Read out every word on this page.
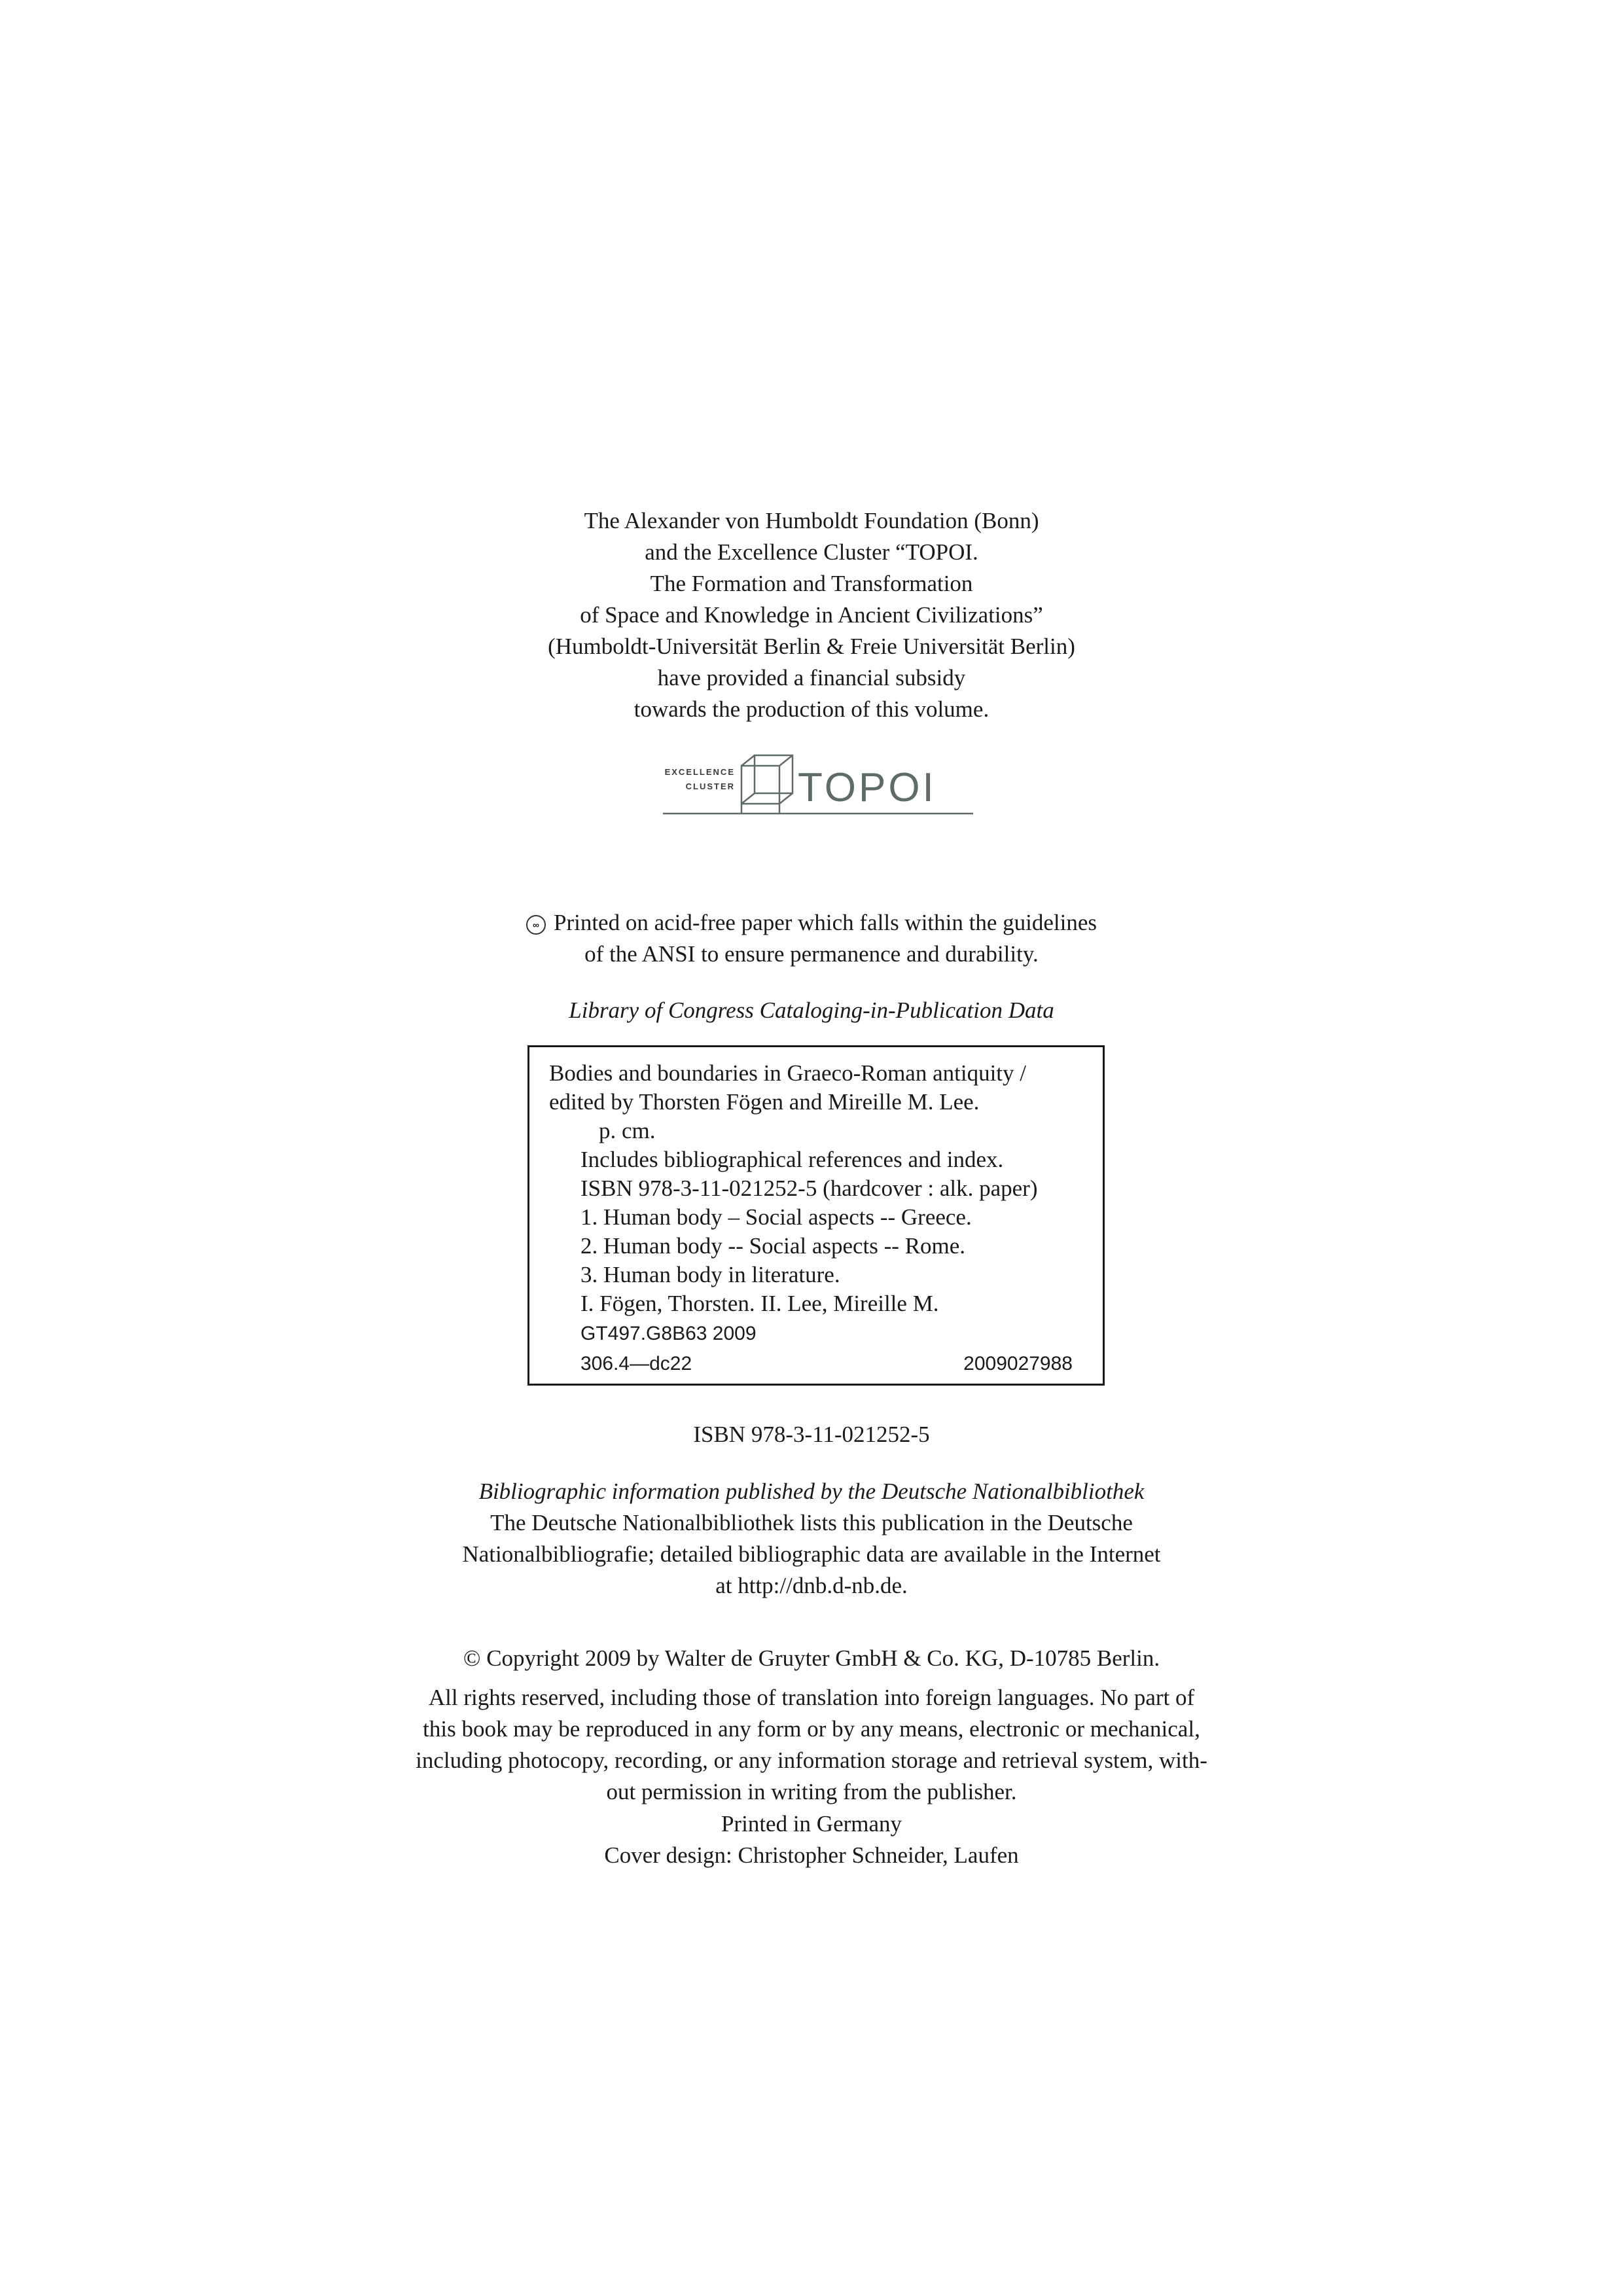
The Alexander von Humboldt Foundation (Bonn)
and the Excellence Cluster “TOPOI.
The Formation and Transformation
of Space and Knowledge in Ancient Civilizations”
(Humboldt-Universität Berlin & Freie Universität Berlin)
have provided a financial subsidy
towards the production of this volume.
EXCELLENCE
CLUSTER TOPOI
∞ Printed on acid-free paper which falls within the guidelines
of the ANSI to ensure permanence and durability.
Library of Congress Cataloging-in-Publication Data
Bodies and boundaries in Graeco-Roman antiquity /
edited by Thorsten Fögen and Mireille M. Lee.
p. cm.
Includes bibliographical references and index.
ISBN 978-3-11-021252-5 (hardcover : alk. paper)
1. Human body – Social aspects -- Greece.
2. Human body -- Social aspects -- Rome.
3. Human body in literature.
I. Fögen, Thorsten. II. Lee, Mireille M.
GT497.G8B63 2009
306.4—dc22	2009027988
ISBN 978-3-11-021252-5
Bibliographic information published by the Deutsche Nationalbibliothek
The Deutsche Nationalbibliothek lists this publication in the Deutsche
Nationalbibliografie; detailed bibliographic data are available in the Internet
at http://dnb.d-nb.de.
© Copyright 2009 by Walter de Gruyter GmbH & Co. KG, D-10785 Berlin.
All rights reserved, including those of translation into foreign languages. No part of
this book may be reproduced in any form or by any means, electronic or mechanical,
including photocopy, recording, or any information storage and retrieval system, with-
out permission in writing from the publisher.
Printed in Germany
Cover design: Christopher Schneider, Laufen
